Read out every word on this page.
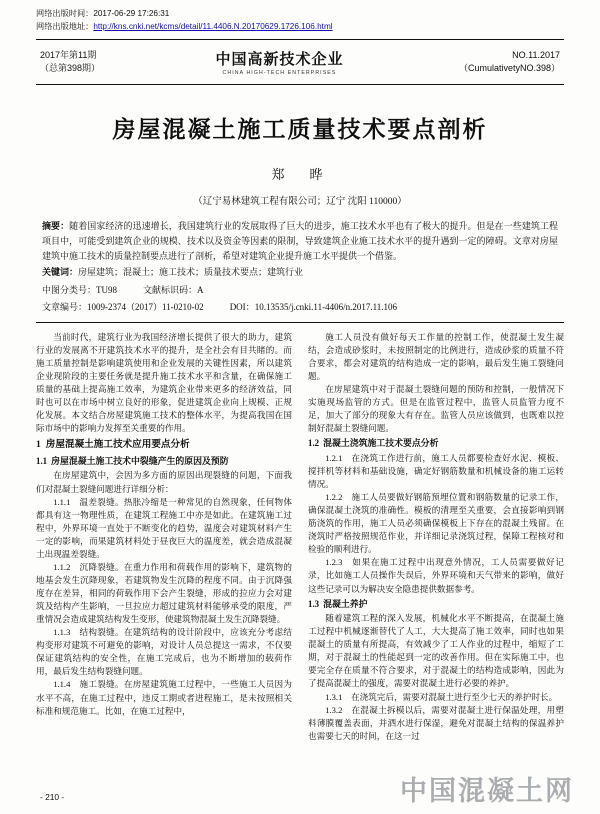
网络出版时间：2017-06-29 17:26:31
网络出版地址：http://kns.cnki.net/kcms/detail/11.4406.N.20170629.1726.106.html
2017年第11期
（总第398期）	中国高新技术企业
CHINA HIGH-TECH ENTERPRISES
NO.11.2017
（CumulativetyNO.398）
房屋混凝土施工质量技术要点剖析
郑　晔
（辽宁易林建筑工程有限公司；辽宁 沈阳 110000）
摘要：随着国家经济的迅速增长，我国建筑行业的发展取得了巨大的进步，施工技术水平也有了极大的提升。但是在一些建筑工程项目中，可能受到建筑企业的规模、技术以及资金等因素的限制，导致建筑企业施工技术水平的提升遇到一定的障碍。文章对房屋建筑中施工技术的质量控制要点进行了剖析，希望对建筑企业提升施工水平提供一个借鉴。
关键词：房屋建筑；混凝土；施工技术；质量技术要点；建筑行业
中图分类号：TU98	文献标识码：A
文章编号：1009-2374（2017）11-0210-02	DOI：10.13535/j.cnki.11-4406/n.2017.11.106

当前时代，建筑行业为我国经济增长提供了很大的助力，建筑行业的发展离不开建筑技术水平的提升，是全社会有目共睹的。而施工质量控制是影响建筑使用和企业发展的关键性因素，所以建筑企业现阶段的主要任务就是提升施工技术水平和含量，在确保施工质量的基础上提高施工效率，为建筑企业带来更多的经济效益，同时也可以在市场中树立良好的形象，促进建筑企业向上规模、正规化发展。本文结合房屋建筑施工技术的整体水平，为提高我国在国际市场中的影响力发挥至关重要的作用。

1 房屋混凝土施工技术应用要点分析
1.1 房屋混凝土施工技术中裂缝产生的原因及预防

在房屋建筑中，会因为多方面的原因出现裂缝的问题，下面我们对混凝土裂缝问题进行详细分析：

1.1.1　温差裂缝。热胀冷缩是一种常见的自然现象，任何物体都具有这一物理性质，在建筑工程施工中亦是如此。在建筑施工过程中，外界环境一直处于不断变化的趋势，温度会对建筑材料产生一定的影响，而果建筑材料处于昼夜巨大的温度差，就会造成混凝土出现温差裂缝。

1.1.2　沉降裂缝。在重力作用和荷载作用的影响下，建筑物的地基会发生沉降现象，若建筑物发生沉降的程度不同。由于沉降强度存在差异，相同的荷载作用下会产生裂缝，形成的拉应力会对建筑及结构产生影响，一旦拉应力超过建筑材料能够承受的限度，严重情况会造成建筑结构发生变形，使建筑物混凝土发生沉降裂缝。

1.1.3　结构裂缝。在建筑结构的设计阶段中，应该充分考虑结构变形对建筑不可避免的影响，对设计人员总提这一需求，不仅要保证建筑结构的安全性，在施工完成后，也为不断增加的载荷作用，最后发生结构裂缝问题。

1.1.4　施工裂缝。在房屋建筑施工过程中，一些施工人员因为水平不高，在施工过程中，违反工期或者进程施工，是未按照相关标准和规范施工。比如，在施工过程中，

施工人员没有做好每天工作量的控制工作，使混凝土发生凝结，会造成砂浆时，未按照制定的比例进行，造成砂浆的质量不符合要求，都会对建筑的结构造成一定的影响，最后发生施工裂缝问题。

在房屋建筑中对于混凝土裂缝问题的预防和控制，一般情况下实施现场监管的方式。但是在监管过程中，监管人员监管力度不足，加大了部分的现象大有存在。监管人员应该做到，也既难以控制好混凝土裂缝问题。

1.2 混凝土浇筑施工技术要点分析

1.2.1　在浇筑工作进行前，施工人员都要检查好水泥、模板、搅拌机等材料和基础设施，确定好钢筋数量和机械设备的施工运转情况。

1.2.2　施工人员要做好钢筋预埋位置和钢筋数量的记录工作，确保混凝土浇筑的准确性。模板的清理至关重要，会直接影响到钢筋浇筑的作用，施工人员必须确保模板上下存在的混凝土残留。在浇筑时严格按照规范作业，并详细记录浇筑过程，保障工程核对和检验的顺利进行。

1.2.3　如果在施工过程中出现意外情况，工人员需要做好记录，比如施工人员操作失误后，外界环境和天气带来的影响，做好这些记录可以为解决安全隐患提供数据参考。

1.3 混凝土养护

随着建筑工程的深入发展，机械化水平不断提高，在混凝土施工过程中机械逐渐替代了人工，大大提高了施工效率，同时也如果混凝土的质量有所提高，有效减少了工人作业的过程中，缩短了工期，对于混凝土的性能起到一定的改善作用。但在实际施工中，也要完全存在质量不符合要求，对于混凝土的结构造成影响，因此为了提高混凝土的强度，需要对混凝土进行必要的养护。

1.3.1　在浇筑完后，需要对混凝土进行至少七天的养护时长。

1.3.2　在混凝土拆模以后，需要对混凝土进行保温处理，用塑料薄膜覆盖表面，并洒水进行保湿，避免对混凝土结构的保温养护也需要七天的时间，在这一过

- 210 -	中国混凝土网
